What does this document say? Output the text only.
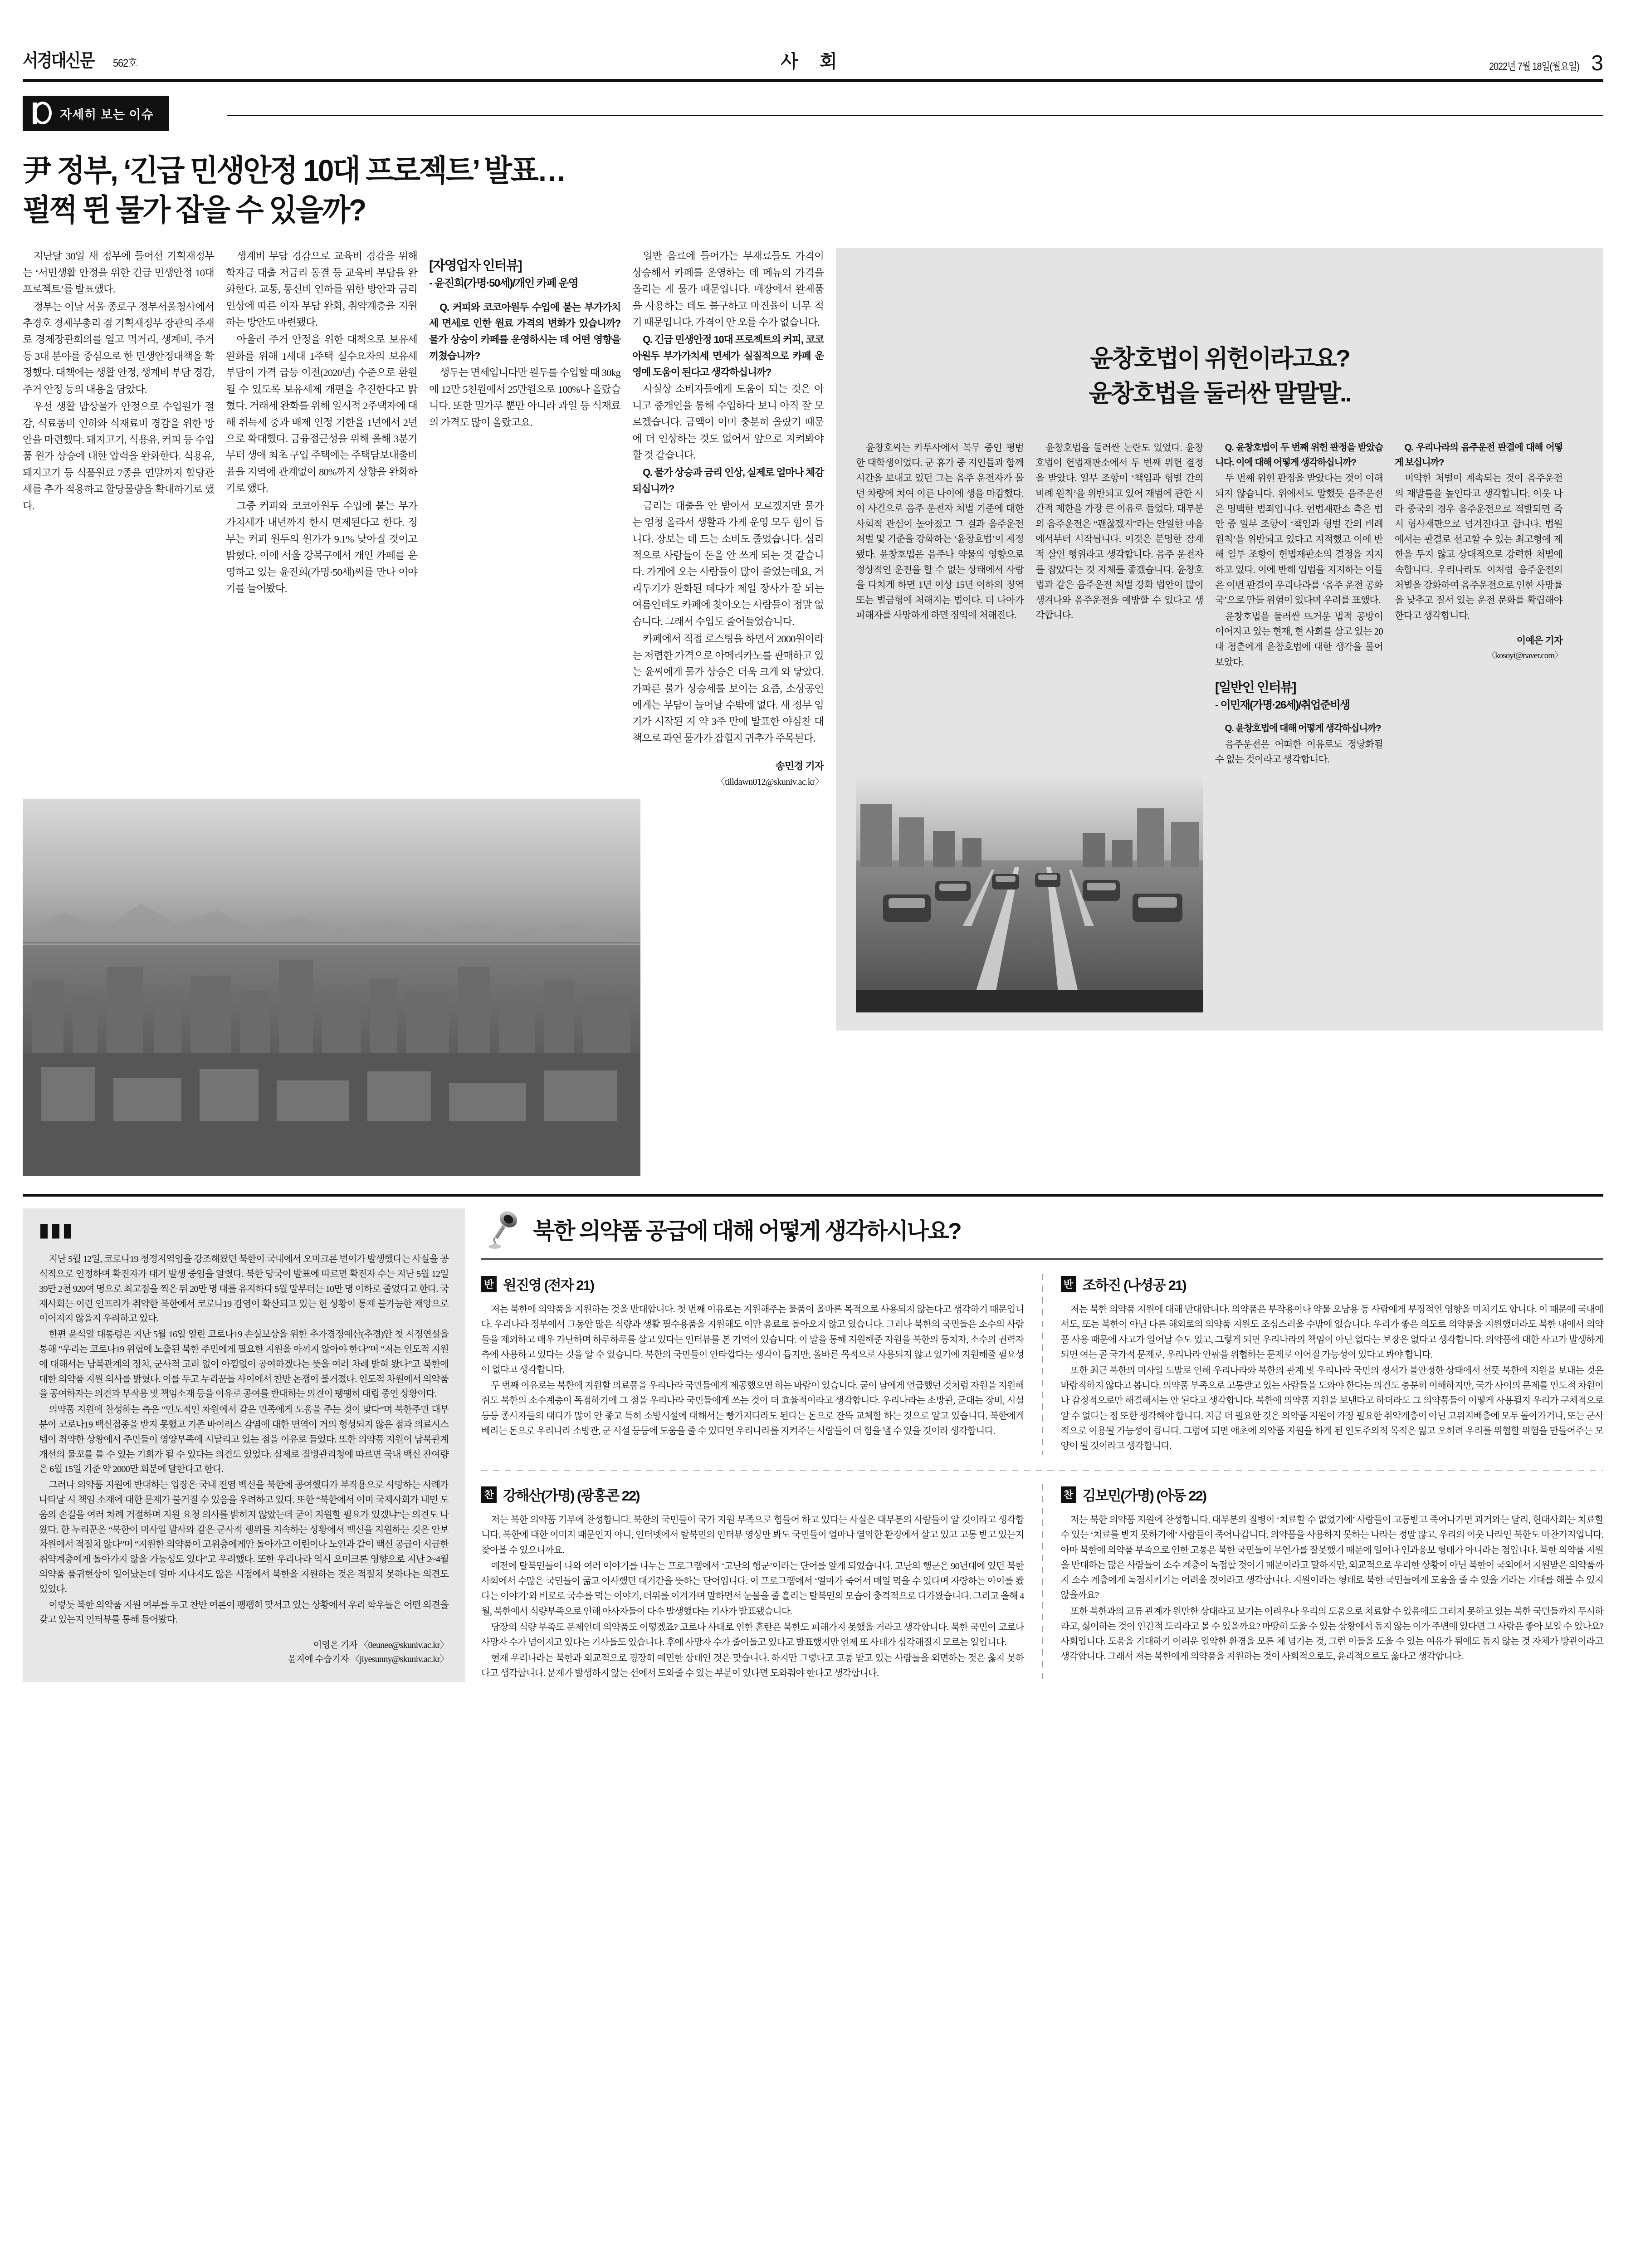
서경대신문 562호	사 회	2022년 7월 18일(월요일) 3
자세히 보는 이슈
尹 정부, ‘긴급 민생안정 10대 프로젝트’ 발표…
펄쩍 뛴 물가 잡을 수 있을까?

지난달 30일 새 정부에 들어선 기획재정부는 ‘서민생활 안정을 위한 긴급 민생안정 10대 프로젝트’를 발표했다.

정부는 이날 서울 종로구 정부서울청사에서 추경호 경제부총리 겸 기획재정부 장관의 주재로 경제장관회의를 열고 먹거리, 생계비, 주거 등 3대 분야를 중심으로 한 민생안정대책을 확정했다. 대책에는 생활 안정, 생계비 부담 경감, 주거 안정 등의 내용을 담았다.

우선 생활 밥상물가 안정으로 수입원가 절감, 식료품비 인하와 식재료비 경감을 위한 방안을 마련했다. 돼지고기, 식용유, 커피 등 수입품 원가 상승에 대한 압력을 완화한다. 식용유, 돼지고기 등 식품원료 7종을 연말까지 할당관세를 추가 적용하고 할당물량을 확대하기로 했다.

생계비 부담 경감으로 교육비 경감을 위해 학자금 대출 저금리 동결 등 교육비 부담을 완화한다. 교통, 통신비 인하를 위한 방안과 금리 인상에 따른 이자 부담 완화, 취약계층을 지원하는 방안도 마련됐다.

아울러 주거 안정을 위한 대책으로 보유세 완화를 위해 1세대 1주택 실수요자의 보유세 부담이 가격 급등 이전(2020년) 수준으로 환원될 수 있도록 보유세제 개편을 추진한다고 밝혔다. 거래세 완화를 위해 일시적 2주택자에 대해 취득세 중과 배제 인정 기한을 1년에서 2년으로 확대했다. 금융접근성을 위해 올해 3분기부터 생애 최초 구입 주택에는 주택담보대출비율을 지역에 관계없이 80%까지 상향을 완화하기로 했다.

그중 커피와 코코아원두 수입에 붙는 부가가치세가 내년까지 한시 면제된다고 한다. 정부는 커피 원두의 원가가 9.1% 낮아질 것이고 밝혔다. 이에 서울 강북구에서 개인 카페를 운영하고 있는 윤진희(가명·50세)씨를 만나 이야기를 들어봤다.

[자영업자 인터뷰]
- 윤진희(가명·50세)/개인 카페 운영

Q. 커피와 코코아원두 수입에 붙는 부가가치세 면세로 인한 원료 가격의 변화가 있습니까? 물가 상승이 카페를 운영하시는 데 어떤 영향을 끼쳤습니까?

생두는 면세입니다만 원두를 수입할 때 30kg에 12만 5천원에서 25만원으로 100%나 올랐습니다. 또한 밀가루 뿐만 아니라 과일 등 식재료의 가격도 많이 올랐고요.

일반 음료에 들어가는 부재료들도 가격이 상승해서 카페를 운영하는 데 메뉴의 가격을 올리는 게 물가 때문입니다. 매장에서 완제품을 사용하는 데도 불구하고 마진율이 너무 적기 때문입니다. 가격이 안 오를 수가 없습니다.

Q. 긴급 민생안정 10대 프로젝트의 커피, 코코아원두 부가가치세 면세가 실질적으로 카페 운영에 도움이 된다고 생각하십니까?

사실상 소비자들에게 도움이 되는 것은 아니고 중개인을 통해 수입하다 보니 아직 잘 모르겠습니다. 금액이 이미 충분히 올랐기 때문에 더 인상하는 것도 없어서 앞으로 지켜봐야 할 것 같습니다.

Q. 물가 상승과 금리 인상, 실제로 얼마나 체감되십니까?

금리는 대출을 안 받아서 모르겠지만 물가는 엄청 올라서 생활과 가게 운영 모두 힘이 듭니다. 장보는 데 드는 소비도 줄었습니다. 심리적으로 사람들이 돈을 안 쓰게 되는 것 같습니다. 가게에 오는 사람들이 많이 줄었는데요, 거리두기가 완화된 데다가 제일 장사가 잘 되는 여름인데도 카페에 찾아오는 사람들이 정말 없습니다. 그래서 수입도 줄어들었습니다.

카페에서 직접 로스팅을 하면서 2000원이라는 저렴한 가격으로 아메리카노를 판매하고 있는 윤씨에게 물가 상승은 더욱 크게 와 닿았다. 가파른 물가 상승세를 보이는 요즘, 소상공인에게는 부담이 늘어날 수밖에 없다. 새 정부 임기가 시작된 지 약 3주 만에 발표한 야심찬 대책으로 과연 물가가 잡힐지 귀추가 주목된다.

송민경 기자
〈tilldawn012@skuniv.ac.kr〉
윤창호법이 위헌이라고요?
윤창호법을 둘러싼 말말말..

윤창호씨는 카투사에서 복무 중인 평범한 대학생이었다. 군 휴가 중 지인들과 함께 시간을 보내고 있던 그는 음주 운전자가 몰던 차량에 치여 이른 나이에 생을 마감했다. 이 사건으로 음주 운전자 처벌 기준에 대한 사회적 관심이 높아졌고 그 결과 음주운전 처벌 및 기준을 강화하는 ‘윤창호법’이 제정됐다. 윤창호법은 음주나 약물의 영향으로 정상적인 운전을 할 수 없는 상태에서 사람을 다치게 하면 1년 이상 15년 이하의 징역 또는 벌금형에 처해지는 법이다. 더 나아가 피해자를 사망하게 하면 징역에 처해진다.

윤창호법을 둘러싼 논란도 있었다. 윤창호법이 헌법재판소에서 두 번째 위헌 결정을 받았다. 일부 조항이 ‘책임과 형벌 간의 비례 원칙’을 위반되고 있어 재범에 관한 시간적 제한을 가장 큰 이유로 들었다. 대부분의 음주운전은 “괜찮겠지”라는 안일한 마음에서부터 시작됩니다. 이것은 분명한 잠재적 살인 행위라고 생각합니다. 음주 운전자를 잡았다는 것 자체를 좋겠습니다. 윤창호 법과 같은 음주운전 처벌 강화 법안이 많이 생겨나와 음주운전을 예방할 수 있다고 생각합니다.

Q. 윤창호법이 두 번째 위헌 판정을 받았습니다. 이에 대해 어떻게 생각하십니까?

두 번째 위헌 판정을 받았다는 것이 이해되지 않습니다. 위에서도 말했듯 음주운전은 명백한 범죄입니다. 헌법재판소 측은 법안 중 일부 조항이 ‘책임과 형벌 간의 비례 원칙’을 위반되고 있다고 지적했고 이에 반해 일부 조항이 헌법재판소의 결정을 지지하고 있다. 이에 반해 입법을 지지하는 이들은 이번 판결이 우리나라를 ‘음주 운전 공화국’으로 만들 위험이 있다며 우려를 표했다.

윤창호법을 둘러싼 뜨거운 법적 공방이 이어지고 있는 현재, 현 사회를 살고 있는 20대 청춘에게 윤창호법에 대한 생각을 물어보았다.

[일반인 인터뷰]
- 이민재(가명·26세)/취업준비생

Q. 윤창호법에 대해 어떻게 생각하십니까?

음주운전은 어떠한 이유로도 정당화될 수 없는 것이라고 생각합니다.

Q. 우리나라의 음주운전 판결에 대해 어떻게 보십니까?

미약한 처벌이 계속되는 것이 음주운전의 재발률을 높인다고 생각합니다. 이웃 나라 중국의 경우 음주운전으로 적발되면 즉시 형사재판으로 넘겨진다고 합니다. 법원에서는 판결로 선고할 수 있는 최고형에 제한을 두지 않고 상대적으로 강력한 처벌에 속합니다. 우리나라도 이처럼 음주운전의 처벌을 강화하여 음주운전으로 인한 사망률을 낮추고 질서 있는 운전 문화를 확립해야한다고 생각합니다.

이예은 기자
〈kosoyi@naver.com〉
▮▮▮

지난 5월 12일, 코로나19 청정지역임을 강조해왔던 북한이 국내에서 오미크론 변이가 발생했다는 사실을 공식적으로 인정하며 확진자가 대거 발생 중임을 알렸다. 북한 당국이 발표에 따르면 확진자 수는 지난 5월 12일 39만 2천 920여 명으로 최고점을 찍은 뒤 20만 명 대를 유지하다 5월 말부터는 10만 명 이하로 줄었다고 한다. 국제사회는 이런 인프라가 취약한 북한에서 코로나19 감염이 확산되고 있는 현 상황이 통제 불가능한 재앙으로 이어지지 않을지 우려하고 있다.

한편 윤석열 대통령은 지난 5월 16일 열린 코로나19 손실보상을 위한 추가경정예산(추경)안 첫 시정연설을 통해 “우리는 코로나19 위협에 노출된 북한 주민에게 필요한 지원을 아끼지 않아야 한다”며 “저는 인도적 지원에 대해서는 남북관계의 정치, 군사적 고려 없이 아낌없이 공여하겠다는 뜻을 여러 차례 밝혀 왔다”고 북한에 대한 의약품 지원 의사를 밝혔다. 이를 두고 누리꾼들 사이에서 찬반 논쟁이 불거졌다. 인도적 차원에서 의약품을 공여하자는 의견과 부작용 및 책임소재 등을 이유로 공여를 반대하는 의견이 팽팽히 대립 중인 상황이다.

의약품 지원에 찬성하는 측은 “인도적인 차원에서 같은 민족에게 도움을 주는 것이 맞다”며 북한주민 대부분이 코로나19 백신접종을 받지 못했고 기존 바이러스 감염에 대한 면역이 거의 형성되지 않은 점과 의료시스템이 취약한 상황에서 주민들이 영양부족에 시달리고 있는 점을 이유로 들었다. 또한 의약품 지원이 남북관계 개선의 물꼬를 틀 수 있는 기회가 될 수 있다는 의견도 있었다. 실제로 질병관리청에 따르면 국내 백신 잔여량은 6월 15일 기준 약 2000만 회분에 달한다고 한다.

그러나 의약품 지원에 반대하는 입장은 국내 전염 백신을 북한에 공여했다가 부작용으로 사망하는 사례가 나타날 시 책임 소재에 대한 문제가 불거질 수 있음을 우려하고 있다. 또한 “북한에서 이미 국제사회가 내민 도움의 손길을 여러 차례 거절하며 지원 요청 의사를 밝히지 않았는데 굳이 지원할 필요가 있겠냐”는 의견도 나왔다. 한 누리꾼은 “북한이 미사일 발사와 같은 군사적 행위를 지속하는 상황에서 백신을 지원하는 것은 안보 차원에서 적절치 않다”며 “지원한 의약품이 고위층에게만 돌아가고 어린이나 노인과 같이 백신 공급이 시급한 취약계층에게 돌아가지 않을 가능성도 있다”고 우려했다. 또한 우리나라 역시 오미크론 영향으로 지난 2~4월 의약품 품귀현상이 일어났는데 얼마 지나지도 않은 시점에서 북한을 지원하는 것은 적절치 못하다는 의견도 있었다.

이렇듯 북한 의약품 지원 여부를 두고 찬반 여론이 팽팽히 맞서고 있는 상황에서 우리 학우들은 어떤 의견을 갖고 있는지 인터뷰를 통해 들어봤다.

이영은 기자 〈0eunee@skuniv.ac.kr〉
윤지예 수습기자 〈jiyesunny@skuniv.ac.kr〉
북한 의약품 공급에 대해 어떻게 생각하시나요?
반 원진영 (전자 21)

저는 북한에 의약품을 지원하는 것을 반대합니다. 첫 번째 이유로는 지원해주는 물품이 올바른 목적으로 사용되지 않는다고 생각하기 때문입니다. 우리나라 정부에서 그동안 많은 식량과 생활 필수용품을 지원해도 이만 음료로 돌아오지 않고 있습니다. 그러나 북한의 국민들은 소수의 사람들을 제외하고 매우 가난하며 하루하루를 살고 있다는 인터뷰를 본 기억이 있습니다. 이 말을 통해 지원해준 자원을 북한의 통치자, 소수의 권력자 측에 사용하고 있다는 것을 알 수 있습니다. 북한의 국민들이 안타깝다는 생각이 듭지만, 올바른 목적으로 사용되지 않고 있기에 지원해줄 필요성이 없다고 생각합니다.

두 번째 이유로는 북한에 지원할 의료품을 우리나라 국민들에게 제공했으면 하는 바람이 있습니다. 굳이 남에게 언급했던 것처럼 자원을 지원해줘도 북한의 소수계층이 독점하기에 그 점을 우리나라 국민들에게 쓰는 것이 더 효율적이라고 생각합니다. 우리나라는 소방관, 군대는 장비, 시설 등등 종사자들의 대다가 많이 안 좋고 특히 소방시설에 대해서는 빵가지다라도 된다는 돈으로 잔뜩 교체할 하는 것으로 알고 있습니다. 북한에게 베리는 돈으로 우리나라 소방관, 군 시설 등등에 도움을 줄 수 있다면 우리나라를 지켜주는 사람들이 더 힘을 낼 수 있을 것이라 생각합니다.

반 조하진 (나셩공 21)

저는 북한 의약품 지원에 대해 반대합니다. 의약품은 부작용이나 약물 오남용 등 사람에게 부정적인 영향을 미치기도 합니다. 이 때문에 국내에서도, 또는 북한이 아닌 다른 해외로의 의약품 지원도 조심스러울 수밖에 없습니다. 우리가 좋은 의도로 의약품을 지원했더라도 북한 내에서 의약품 사용 때문에 사고가 일어날 수도 있고, 그렇게 되면 우리나라의 책임이 아닌 없다는 보장은 없다고 생각합니다. 의약품에 대한 사고가 발생하게 되면 여는 곧 국가적 문제로, 우리나라 안팎을 위협하는 문제로 이어질 가능성이 있다고 봐야 합니다.

또한 최근 북한의 미사일 도발로 인해 우리나라와 북한의 관계 및 우리나라 국민의 정서가 불안정한 상태에서 선뜻 북한에 지원을 보내는 것은 바람직하지 않다고 봅니다. 의약품 부족으로 고통받고 있는 사람들을 도와야 한다는 의견도 충분히 이해하지만, 국가 사이의 문제를 인도적 차원이나 감정적으로만 해결해서는 안 된다고 생각합니다. 북한에 의약품 지원을 보낸다고 하더라도 그 의약품들이 어떻게 사용될지 우리가 구체적으로 알 수 없다는 점 또한 생각해야 합니다. 지금 더 필요한 것은 의약품 지원이 가장 필요한 취약계층이 아닌 고위지배층에 모두 돌아가거나, 또는 군사적으로 이용될 가능성이 큽니다. 그럼에 되면 애초에 의약품 지원을 하게 된 인도주의적 목적은 잃고 오히려 우리를 위협할 위험을 만들어주는 모양이 될 것이라고 생각합니다.

찬 강해산(가명) (광홍콘 22)

저는 북한 의약품 기부에 찬성합니다. 북한의 국민들이 국가 지원 부족으로 힘들어 하고 있다는 사실은 대부분의 사람들이 알 것이라고 생각합니다. 북한에 대한 이미지 때문인지 아니, 인터넷에서 탈북민의 인터뷰 영상만 봐도 국민들이 얼마나 열악한 환경에서 살고 있고 고통 받고 있는지 찾아볼 수 있으니까요.

예전에 탈북민들이 나와 여러 이야기를 나누는 프로그램에서 ‘고난의 행군’이라는 단어를 알게 되었습니다. 고난의 행군은 90년대에 있던 북한사회에서 수많은 국민들이 굶고 아사했던 대기간을 뜻하는 단어입니다. 이 프로그램에서 ‘얼마가 죽어서 매일 먹을 수 있다며 자랑하는 아이를 봤다는 이야기’와 비로로 국수를 먹는 이야기, 더위를 이겨가며 말하면서 눈물을 줄 흘리는 탈북민의 모습이 충격적으로 다가왔습니다. 그리고 올해 4월, 북한에서 식량부족으로 인해 아사자들이 다수 발생했다는 기사가 발표됐습니다.

당장의 식량 부족도 문제인데 의약품도 어떻겠죠? 코로나 사태로 인한 혼란은 북한도 피해가지 못했을 거라고 생각합니다. 북한 국민이 코로나 사망자 수가 넘어지고 있다는 기사들도 있습니다. 후에 사망자 수가 줄어들고 있다고 발표했지만 언제 또 사태가 심각해질지 모르는 일입니다.

현재 우리나라는 북한과 외교적으로 굉장히 예민한 상태인 것은 맞습니다. 하지만 그렇다고 고통 받고 있는 사람들을 외면하는 것은 옳지 못하다고 생각합니다. 문제가 발생하지 않는 선에서 도와줄 수 있는 부분이 있다면 도와줘야 한다고 생각합니다.

찬 김보민(가명) (아동 22)

저는 북한 의약품 지원에 찬성합니다. 대부분의 질병이 ‘치료할 수 없었기에’ 사람들이 고통받고 죽어나가면 과거와는 달리, 현대사회는 치료할 수 있는 ‘치료를 받지 못하기에’ 사람들이 죽어나갑니다. 의약품을 사용하지 못하는 나라는 정말 많고, 우리의 이웃 나라인 북한도 마찬가지입니다. 아마 북한에 의약품 부족으로 인한 고통은 북한 국민들이 무언가를 잘못했기 때문에 일어나 인과응보 형태가 아니라는 점입니다. 북한 의약품 지원을 반대하는 많은 사람들이 소수 계층이 독점할 것이기 때문이라고 말하지만, 외교적으로 우리한 상황이 아닌 북한이 국외에서 지원받은 의약품까지 소수 계층에게 독점시키기는 어려울 것이라고 생각합니다. 지원이라는 형태로 북한 국민들에게 도움을 줄 수 있을 거라는 기대를 해볼 수 있지 않을까요?

또한 북한과의 교류 관계가 원만한 상태라고 보기는 어려우나 우리의 도움으로 치료할 수 있음에도 그러지 못하고 있는 북한 국민들까지 무시하라고, 싫어하는 것이 인간적 도리라고 볼 수 있을까요? 마땅히 도울 수 있는 상황에서 돕지 않는 이가 주변에 있다면 그 사람은 좋아 보일 수 있나요? 사회입니다. 도움을 기대하기 어려운 열악한 환경을 모른 체 넘기는 것, 그런 이들을 도울 수 있는 여유가 됨에도 돕지 않는 것 자체가 방관이라고 생각합니다. 그래서 저는 북한에게 의약품을 지원하는 것이 사회적으로도, 윤리적으로도 옳다고 생각합니다.
